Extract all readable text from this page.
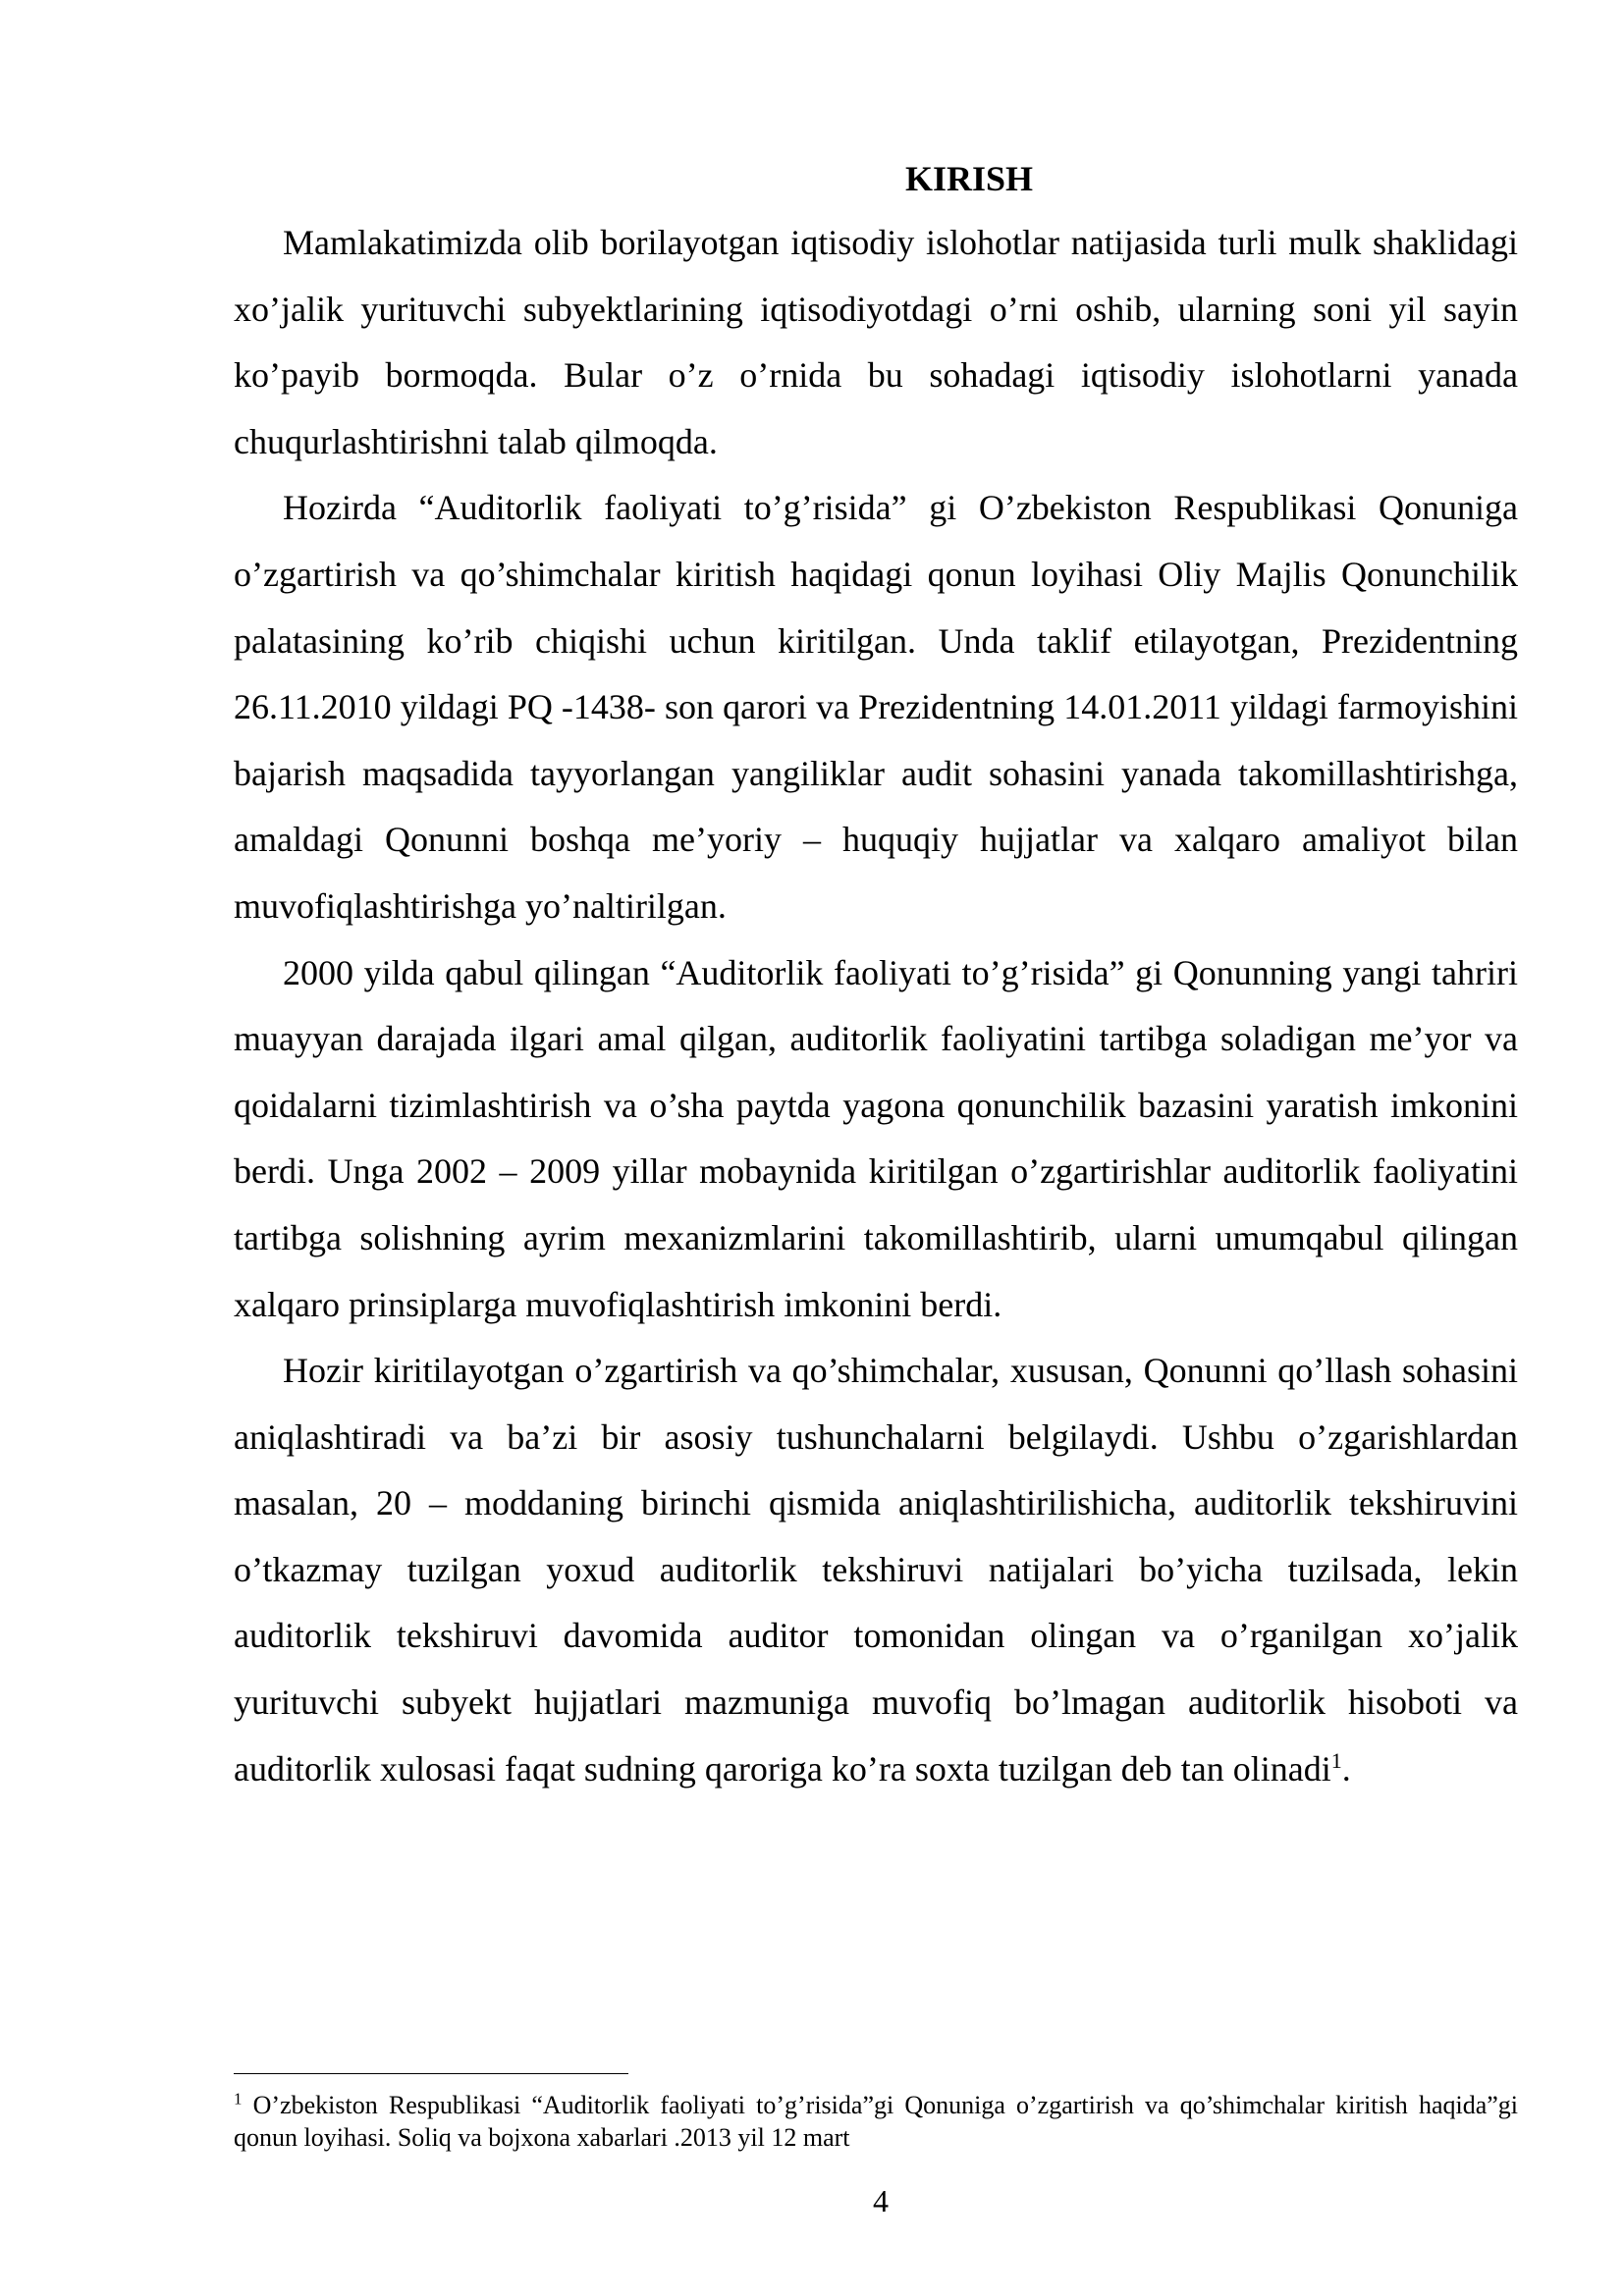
KIRISH

Mamlakatimizda olib borilayotgan iqtisodiy islohotlar natijasida turli mulk shaklidagi xo’jalik yurituvchi subyektlarining iqtisodiyotdagi o’rni oshib, ularning soni yil sayin ko’payib bormoqda. Bular o’z o’rnida bu sohadagi iqtisodiy islohotlarni yanada chuqurlashtirishni talab qilmoqda.

Hozirda “Auditorlik faoliyati to’g’risida” gi O’zbekiston Respublikasi Qonuniga o’zgartirish va qo’shimchalar kiritish haqidagi qonun loyihasi Oliy Majlis Qonunchilik palatasining ko’rib chiqishi uchun kiritilgan. Unda taklif etilayotgan, Prezidentning 26.11.2010 yildagi PQ -1438- son qarori va Prezidentning 14.01.2011 yildagi farmoyishini bajarish maqsadida tayyorlangan yangiliklar audit sohasini yanada takomillashtirishga, amaldagi Qonunni boshqa me’yoriy – huquqiy hujjatlar va xalqaro amaliyot bilan muvofiqlashtirishga yo’naltirilgan.

2000 yilda qabul qilingan “Auditorlik faoliyati to’g’risida” gi Qonunning yangi tahriri muayyan darajada ilgari amal qilgan, auditorlik faoliyatini tartibga soladigan me’yor va qoidalarni tizimlashtirish va o’sha paytda yagona qonunchilik bazasini yaratish imkonini berdi. Unga 2002 – 2009 yillar mobaynida kiritilgan o’zgartirishlar auditorlik faoliyatini tartibga solishning ayrim mexanizmlarini takomillashtirib, ularni umumqabul qilingan xalqaro prinsiplarga muvofiqlashtirish imkonini berdi.

Hozir kiritilayotgan o’zgartirish va qo’shimchalar, xususan, Qonunni qo’llash sohasini aniqlashtiradi va ba’zi bir asosiy tushunchalarni belgilaydi. Ushbu o’zgarishlardan masalan, 20 – moddaning birinchi qismida aniqlashtirilishicha, auditorlik tekshiruvini o’tkazmay tuzilgan yoxud auditorlik tekshiruvi natijalari bo’yicha tuzilsada, lekin auditorlik tekshiruvi davomida auditor tomonidan olingan va o’rganilgan xo’jalik yurituvchi subyekt hujjatlari mazmuniga muvofiq bo’lmagan auditorlik hisoboti va auditorlik xulosasi faqat sudning qaroriga ko’ra soxta tuzilgan deb tan olinadi$^1$.

$^1$ O’zbekiston Respublikasi “Auditorlik faoliyati to’g’risida”gi Qonuniga o’zgartirish va qo’shimchalar kiritish haqida”gi qonun loyihasi. Soliq va bojxona xabarlari .2013 yil 12 mart
4
